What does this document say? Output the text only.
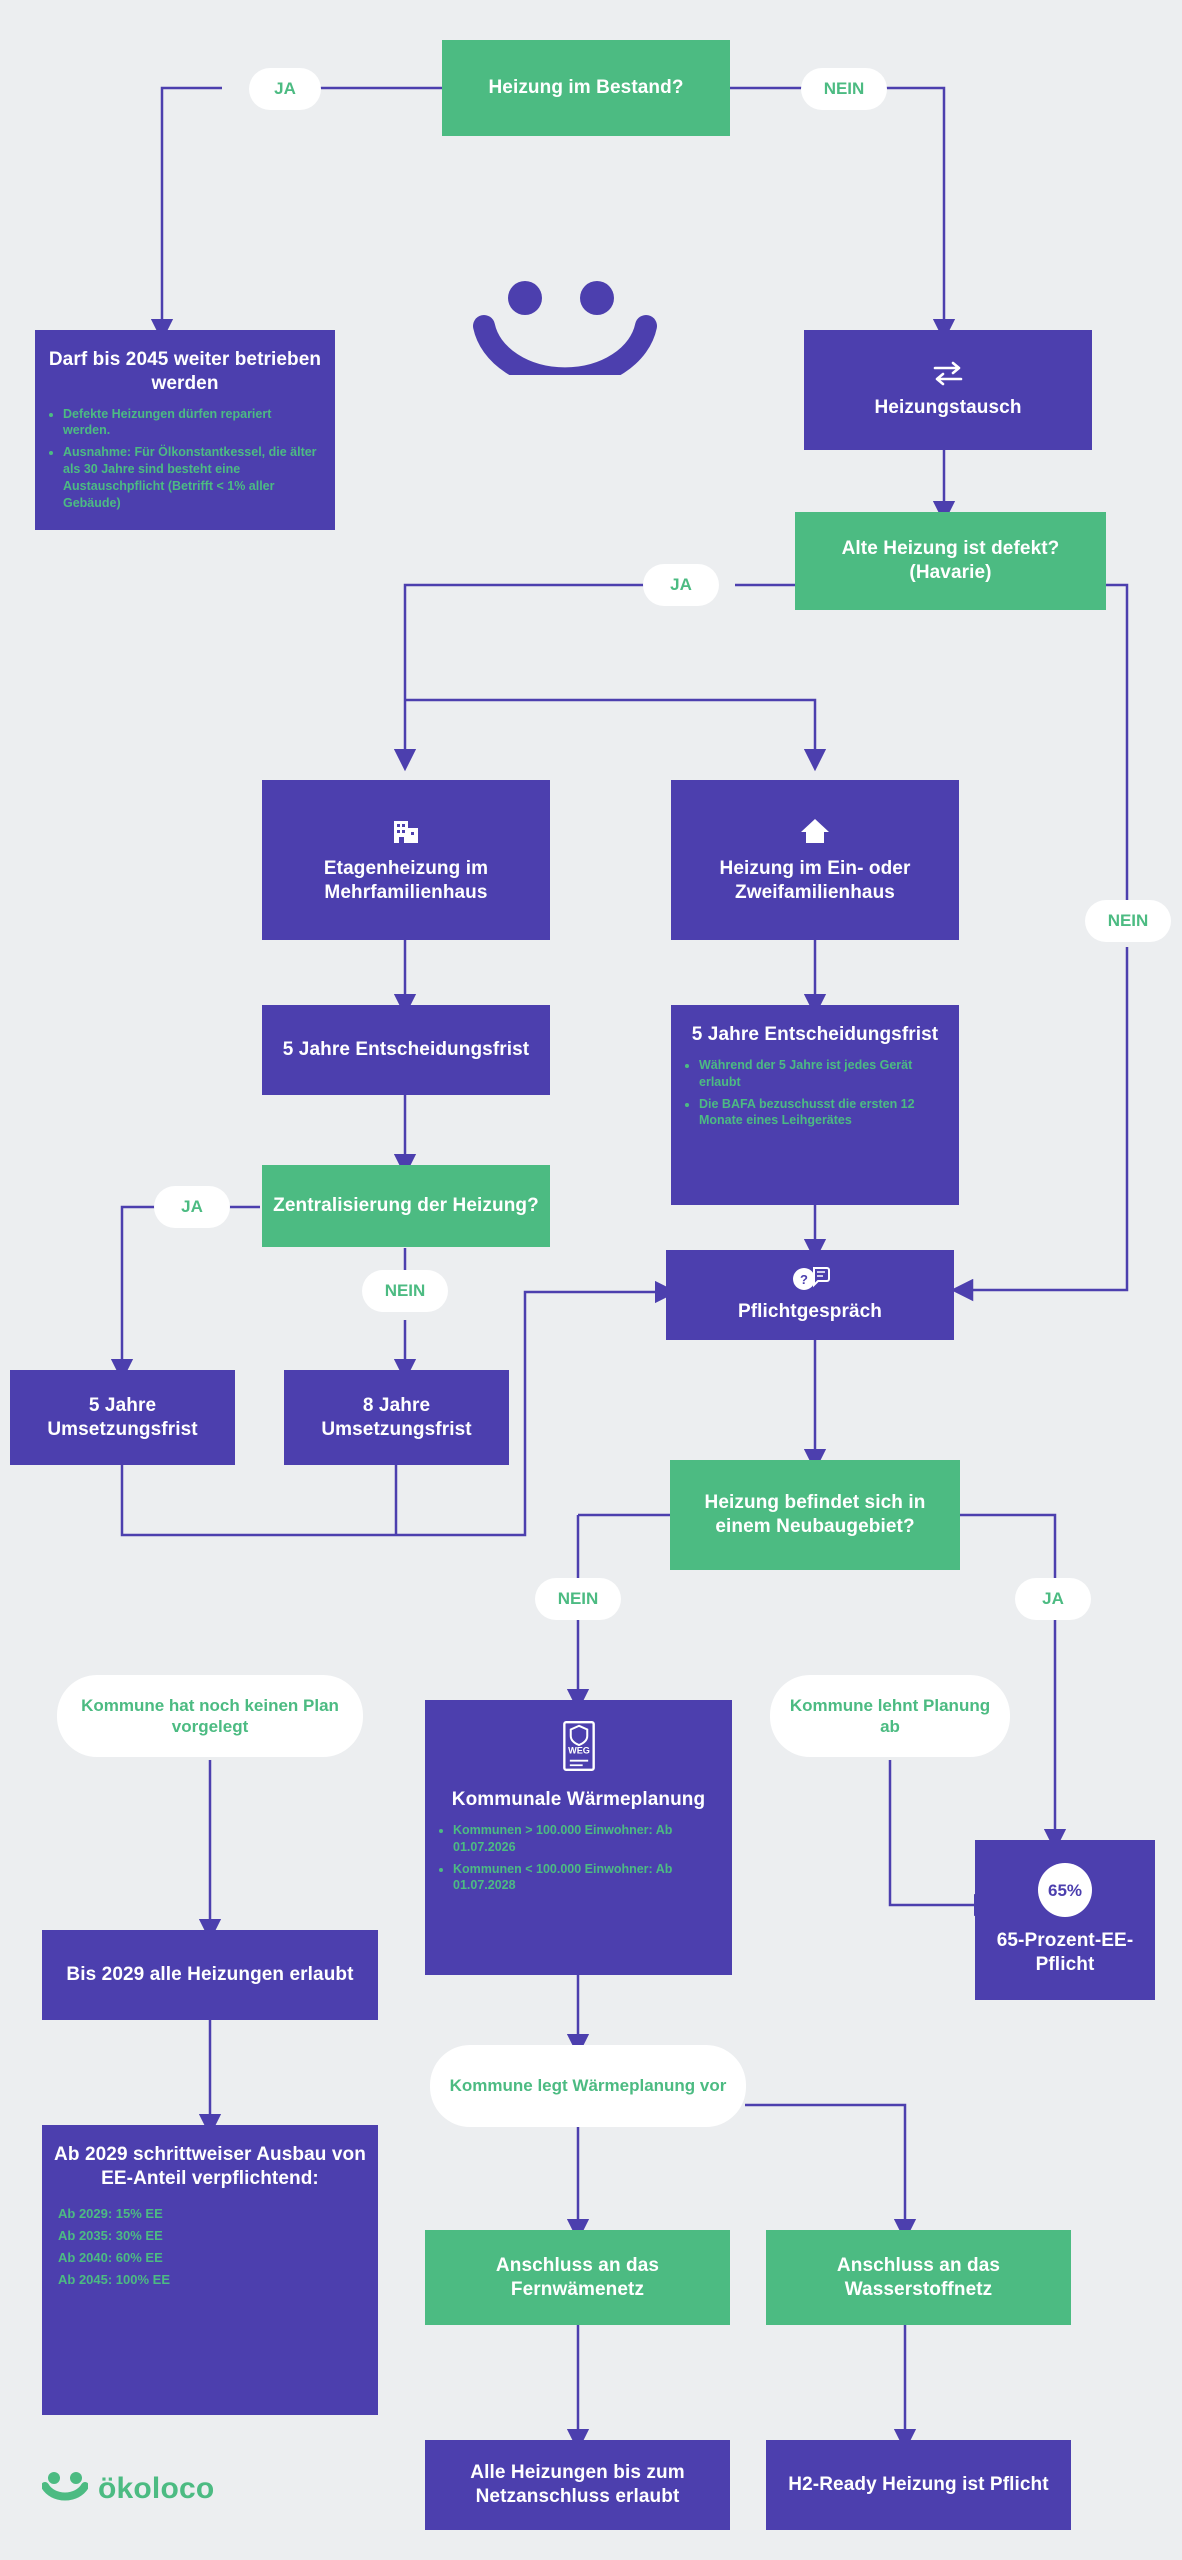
Heizung im Bestand?
Darf bis 2045 weiter betrieben werden
• Defekte Heizungen dürfen repariert werden.
• Ausnahme: Für Ölkonstantkessel, die älter als 30 Jahre sind besteht eine Austauschpflicht (Betrifft < 1% aller Gebäude)
Heizungstausch
Alte Heizung ist defekt? (Havarie)
Etagenheizung im Mehrfamilienhaus
Heizung im Ein- oder Zweifamilienhaus
5 Jahre Entscheidungsfrist
5 Jahre Entscheidungsfrist
• Während der 5 Jahre ist jedes Gerät erlaubt
• Die BAFA bezuschusst die ersten 12 Monate eines Leihgerätes
Zentralisierung der Heizung?
5 Jahre Umsetzungsfrist
8 Jahre Umsetzungsfrist
?
Pflichtgespräch
Heizung befindet sich in einem Neubaugebiet?
WEG
Kommunale Wärmeplanung
• Kommunen > 100.000 Einwohner: Ab 01.07.2026
• Kommunen < 100.000 Einwohner: Ab 01.07.2028	65%
65-Prozent-EE-Pflicht
Bis 2029 alle Heizungen erlaubt
Ab 2029 schrittweiser Ausbau von EE-Anteil verpflichtend:
Ab 2029: 15% EE
Ab 2035: 30% EE
Ab 2040: 60% EE
Ab 2045: 100% EE
Anschluss an das Fernwämenetz
Anschluss an das Wasserstoffnetz
Alle Heizungen bis zum Netzanschluss erlaubt
H2-Ready Heizung ist Pflicht
JA	NEIN
JA
NEIN
JA
NEIN
NEIN	JA
Kommune hat noch keinen Plan vorgelegt
Kommune lehnt Planung ab
Kommune legt Wärmeplanung vor
ökoloco
